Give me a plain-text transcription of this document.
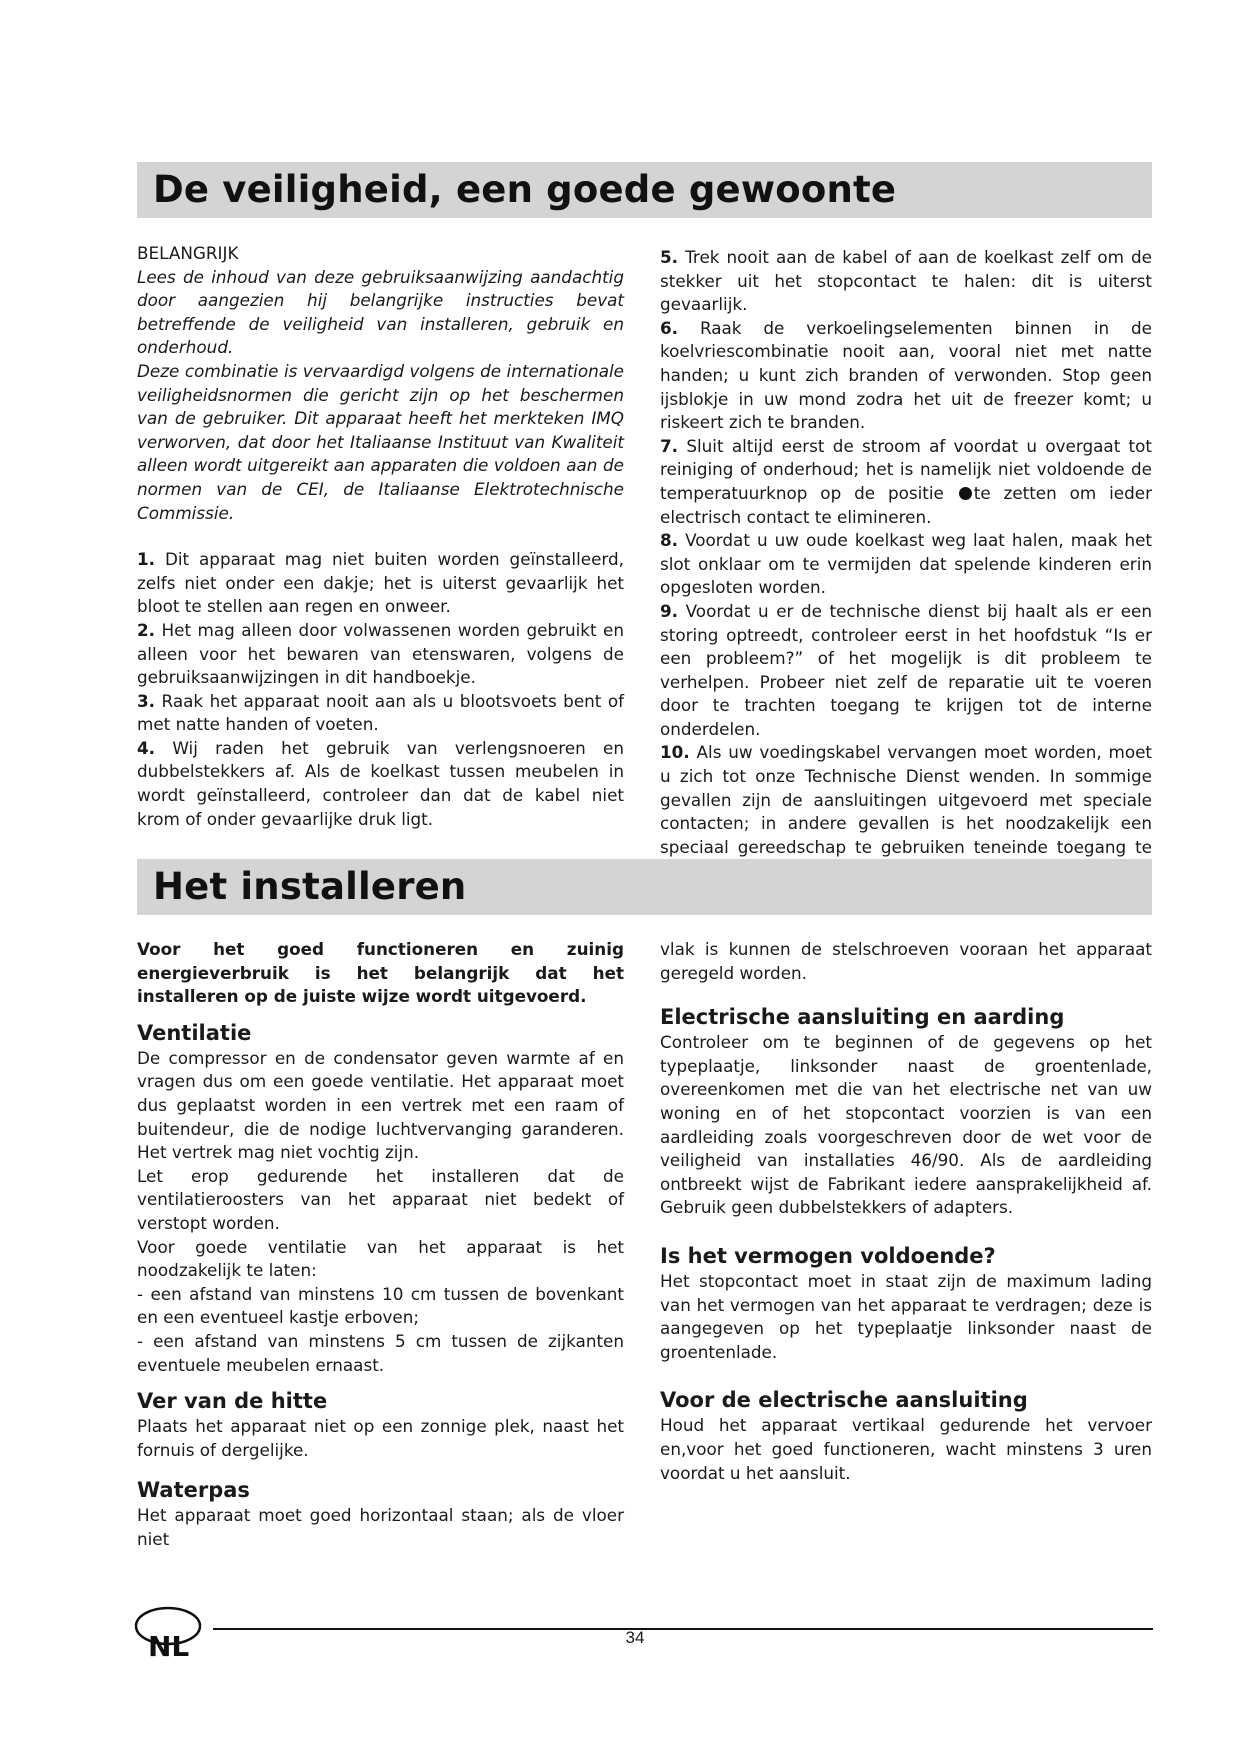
De veiligheid, een goede gewoonte

BELANGRIJK

Lees de inhoud van deze gebruiksaanwijzing aandachtig door aangezien hij belangrijke instructies bevat betreffende de veiligheid van installeren, gebruik en onderhoud.

Deze combinatie is vervaardigd volgens de internationale veiligheidsnormen die gericht zijn op het beschermen van de gebruiker. Dit apparaat heeft het merkteken IMQ verworven, dat door het Italiaanse Instituut van Kwaliteit alleen wordt uitgereikt aan apparaten die voldoen aan de normen van de CEI, de Italiaanse Elektrotechnische Commissie.

1. Dit apparaat mag niet buiten worden geïnstalleerd, zelfs niet onder een dakje; het is uiterst gevaarlijk het bloot te stellen aan regen en onweer.

2. Het mag alleen door volwassenen worden gebruikt en alleen voor het bewaren van etenswaren, volgens de gebruiksaanwijzingen in dit handboekje.

3. Raak het apparaat nooit aan als u blootsvoets bent of met natte handen of voeten.

4. Wij raden het gebruik van verlengsnoeren en dubbelstekkers af. Als de koelkast tussen meubelen in wordt geïnstalleerd, controleer dan dat de kabel niet krom of onder gevaarlijke druk ligt.

5. Trek nooit aan de kabel of aan de koelkast zelf om de stekker uit het stopcontact te halen: dit is uiterst gevaarlijk.

6. Raak de verkoelingselementen binnen in de koelvriescombinatie nooit aan, vooral niet met natte handen; u kunt zich branden of verwonden. Stop geen ijsblokje in uw mond zodra het uit de freezer komt; u riskeert zich te branden.

7. Sluit altijd eerst de stroom af voordat u overgaat tot reiniging of onderhoud; het is namelijk niet voldoende de temperatuurknop op de positie te zetten om ieder electrisch contact te elimineren.

8. Voordat u uw oude koelkast weg laat halen, maak het slot onklaar om te vermijden dat spelende kinderen erin opgesloten worden.

9. Voordat u er de technische dienst bij haalt als er een storing optreedt, controleer eerst in het hoofdstuk “Is er een probleem?” of het mogelijk is dit probleem te verhelpen. Probeer niet zelf de reparatie uit te voeren door te trachten toegang te krijgen tot de interne onderdelen.

10. Als uw voedingskabel vervangen moet worden, moet u zich tot onze Technische Dienst wenden. In sommige gevallen zijn de aansluitingen uitgevoerd met speciale contacten; in andere gevallen is het noodzakelijk een speciaal gereedschap te gebruiken teneinde toegang te

Het installeren

Voor het goed functioneren en zuinig energieverbruik is het belangrijk dat het installeren op de juiste wijze wordt uitgevoerd.

Ventilatie

De compressor en de condensator geven warmte af en vragen dus om een goede ventilatie. Het apparaat moet dus geplaatst worden in een vertrek met een raam of buitendeur, die de nodige luchtvervanging garanderen. Het vertrek mag niet vochtig zijn.

Let erop gedurende het installeren dat de ventilatieroosters van het apparaat niet bedekt of verstopt worden.

Voor goede ventilatie van het apparaat is het noodzakelijk te laten:

- een afstand van minstens 10 cm tussen de bovenkant en een eventueel kastje erboven;

- een afstand van minstens 5 cm tussen de zijkanten eventuele meubelen ernaast.

Ver van de hitte

Plaats het apparaat niet op een zonnige plek, naast het fornuis of dergelijke.

Waterpas

Het apparaat moet goed horizontaal staan; als de vloer niet

vlak is kunnen de stelschroeven vooraan het apparaat geregeld worden.

Electrische aansluiting en aarding

Controleer om te beginnen of de gegevens op het typeplaatje, linksonder naast de groentenlade, overeenkomen met die van het electrische net van uw woning en of het stopcontact voorzien is van een aardleiding zoals voorgeschreven door de wet voor de veiligheid van installaties 46/90. Als de aardleiding ontbreekt wijst de Fabrikant iedere aansprakelijkheid af. Gebruik geen dubbelstekkers of adapters.

Is het vermogen voldoende?

Het stopcontact moet in staat zijn de maximum lading van het vermogen van het apparaat te verdragen; deze is aangegeven op het typeplaatje linksonder naast de groentenlade.

Voor de electrische aansluiting

Houd het apparaat vertikaal gedurende het vervoer en,voor het goed functioneren, wacht minstens 3 uren voordat u het aansluit.

NL	34
